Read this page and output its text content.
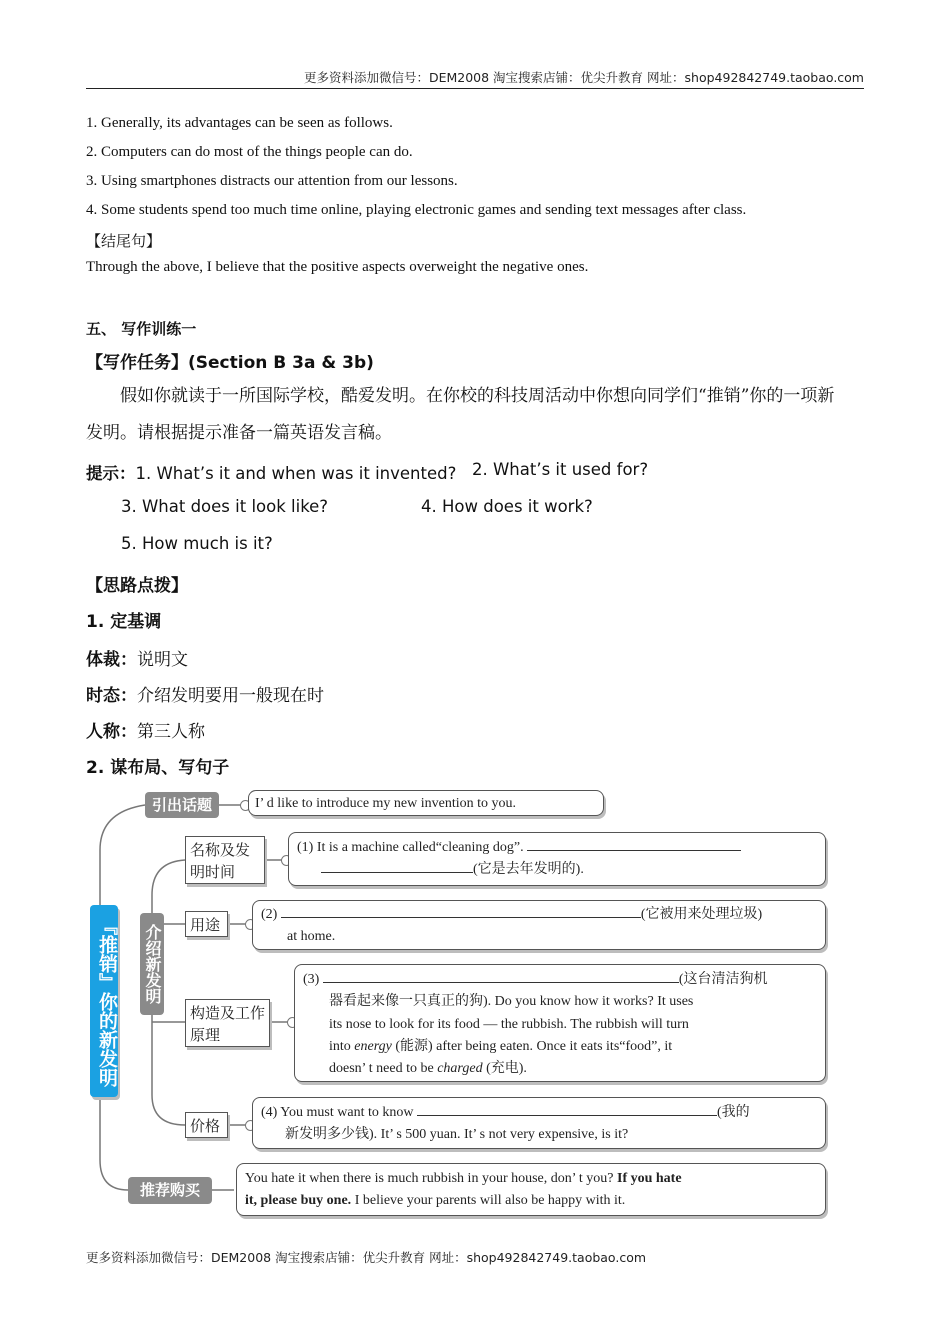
更多资料添加微信号：DEM2008 淘宝搜索店铺：优尖升教育 网址：shop492842749.taobao.com
1. Generally, its advantages can be seen as follows.
2. Computers can do most of the things people can do.
3. Using smartphones distracts our attention from our lessons.
4. Some students spend too much time online, playing electronic games and sending text messages after class.
【结尾句】
Through the above, I believe that the positive aspects overweight the negative ones.
五、 写作训练一
【写作任务】(Section B 3a & 3b)
假如你就读于一所国际学校，酷爱发明。在你校的科技周活动中你想向同学们“推销”你的一项新发明。请根据提示准备一篇英语发言稿。
提示：1. What’s it and when was it invented? 2. What’s it used for?
3. What does it look like?	4. How does it work?
5. How much is it?
【思路点拨】
1. 定基调
体裁：说明文
时态：介绍发明要用一般现在时
人称：第三人称
2. 谋布局、写句子
『推销』你的新发明
引出话题	I’ d like to introduce my new invention to you.
介绍新发明
名称及发明时间
(1) It is a machine called“cleaning dog”.
(它是去年发明的).
用途
(2)	(它被用来处理垃圾)
at home.
构造及工作原理
(3)	(这台清洁狗机
器看起来像一只真正的狗). Do you know how it works? It uses
its nose to look for its food — the rubbish. The rubbish will turn
into energy (能源) after being eaten. Once it eats its“food”, it
doesn’ t need to be charged (充电).
价格
(4) You must want to know	(我的
新发明多少钱). It’ s 500 yuan. It’ s not very expensive, is it?
推荐购买
You hate it when there is much rubbish in your house, don’ t you? If you hate
it, please buy one. I believe your parents will also be happy with it.
更多资料添加微信号：DEM2008 淘宝搜索店铺：优尖升教育 网址：shop492842749.taobao.com
